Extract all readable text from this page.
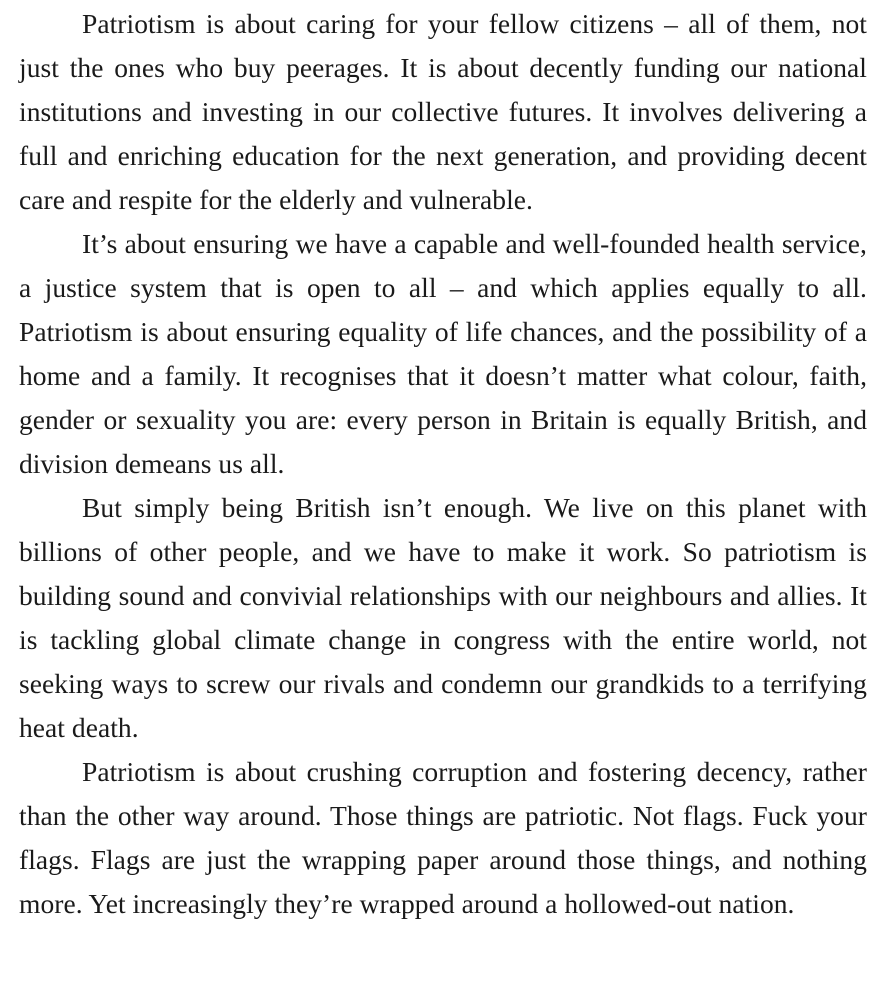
Patriotism is about caring for your fellow citizens – all of them, not just the ones who buy peerages. It is about decently funding our national institutions and investing in our collective futures. It involves delivering a full and enriching education for the next generation, and providing decent care and respite for the elderly and vulnerable.

It’s about ensuring we have a capable and well-founded health service, a justice system that is open to all – and which applies equally to all. Patriotism is about ensuring equality of life chances, and the possibility of a home and a family. It recognises that it doesn’t matter what colour, faith, gender or sexuality you are: every person in Britain is equally British, and division demeans us all.

But simply being British isn’t enough. We live on this planet with billions of other people, and we have to make it work. So patriotism is building sound and convivial relationships with our neighbours and allies. It is tackling global climate change in congress with the entire world, not seeking ways to screw our rivals and condemn our grandkids to a terrifying heat death.

Patriotism is about crushing corruption and fostering decency, rather than the other way around. Those things are patriotic. Not flags. Fuck your flags. Flags are just the wrapping paper around those things, and nothing more. Yet increasingly they’re wrapped around a hollowed-out nation.
